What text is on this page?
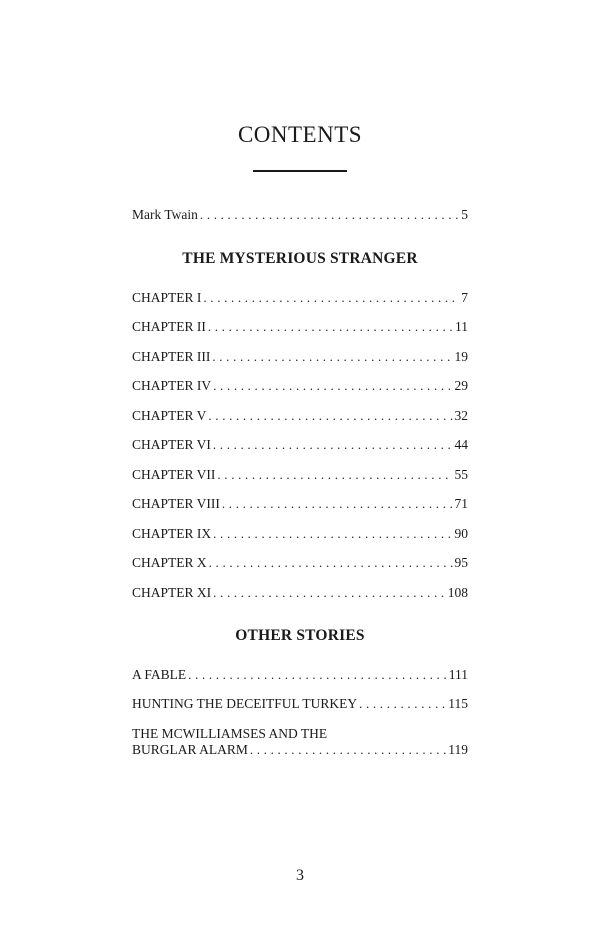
CONTENTS
Mark Twain . . .	5
THE MYSTERIOUS STRANGER
CHAPTER I . . .	7
CHAPTER II . . .	11
CHAPTER III . . .	19
CHAPTER IV . . .	29
CHAPTER V . . .	32
CHAPTER VI . . .	44
CHAPTER VII . . .	55
CHAPTER VIII . . .	71
CHAPTER IX . . .	90
CHAPTER X . . .	95
CHAPTER XI . . .	108
OTHER STORIES
A FABLE . . .	111
HUNTING THE DECEITFUL TURKEY . . .	115
THE MCWILLIAMSES AND THE
BURGLAR ALARM . . .	119
3
